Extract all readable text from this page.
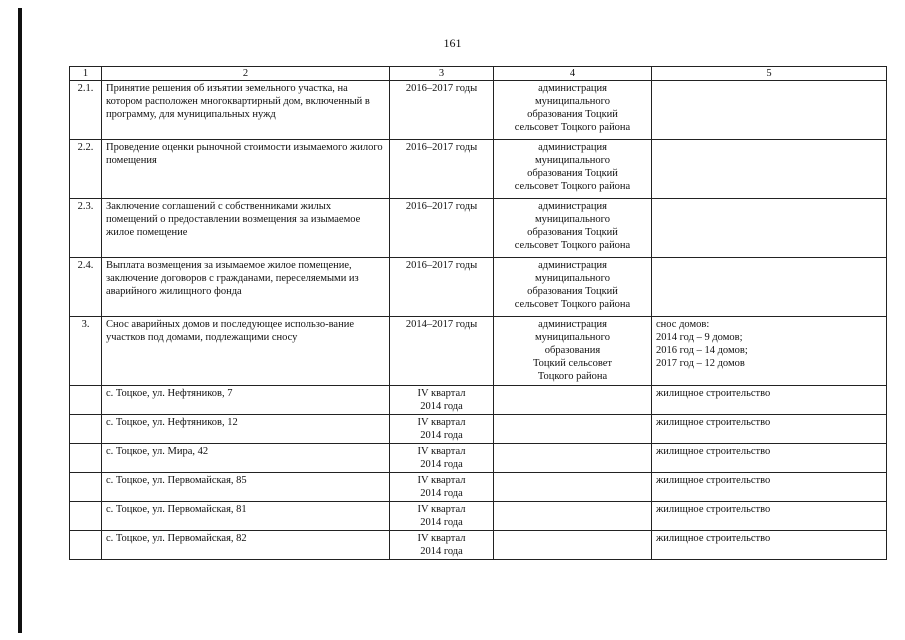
161
1	2	3	4	5
2.1.	Принятие решения об изъятии земельного участка, на котором расположен многоквартирный дом, включенный в программу, для муниципальных нужд	2016–2017 годы	администрация
муниципального
образования Тоцкий
сельсовет Тоцкого района	

2.2.	Проведение оценки рыночной стоимости изымаемого жилого помещения	2016–2017 годы	администрация
муниципального
образования Тоцкий
сельсовет Тоцкого района	

2.3.	Заключение соглашений с собственниками жилых помещений о предоставлении возмещения за изымаемое жилое помещение	2016–2017 годы	администрация
муниципального
образования Тоцкий
сельсовет Тоцкого района	

2.4.	Выплата возмещения за изымаемое жилое помещение, заключение договоров с гражданами, переселяемыми из аварийного жилищного фонда	2016–2017 годы	администрация
муниципального
образования Тоцкий
сельсовет Тоцкого района	

3.	Снос аварийных домов и последующее использо-вание участков под домами, подлежащими сносу	2014–2017 годы	администрация
муниципального
образования
Тоцкий сельсовет
Тоцкого района	снос домов:
2014 год – 9 домов;
2016 год – 14 домов;
2017 год – 12 домов

	с. Тоцкое, ул. Нефтяников, 7	IV квартал
2014 года		жилищное строительство
	с. Тоцкое, ул. Нефтяников, 12	IV квартал
2014 года		жилищное строительство
	с. Тоцкое, ул. Мира, 42	IV квартал
2014 года		жилищное строительство
	с. Тоцкое, ул. Первомайская, 85	IV квартал
2014 года		жилищное строительство
	с. Тоцкое, ул. Первомайская, 81	IV квартал
2014 года		жилищное строительство
	с. Тоцкое, ул. Первомайская, 82	IV квартал
2014 года		жилищное строительство
